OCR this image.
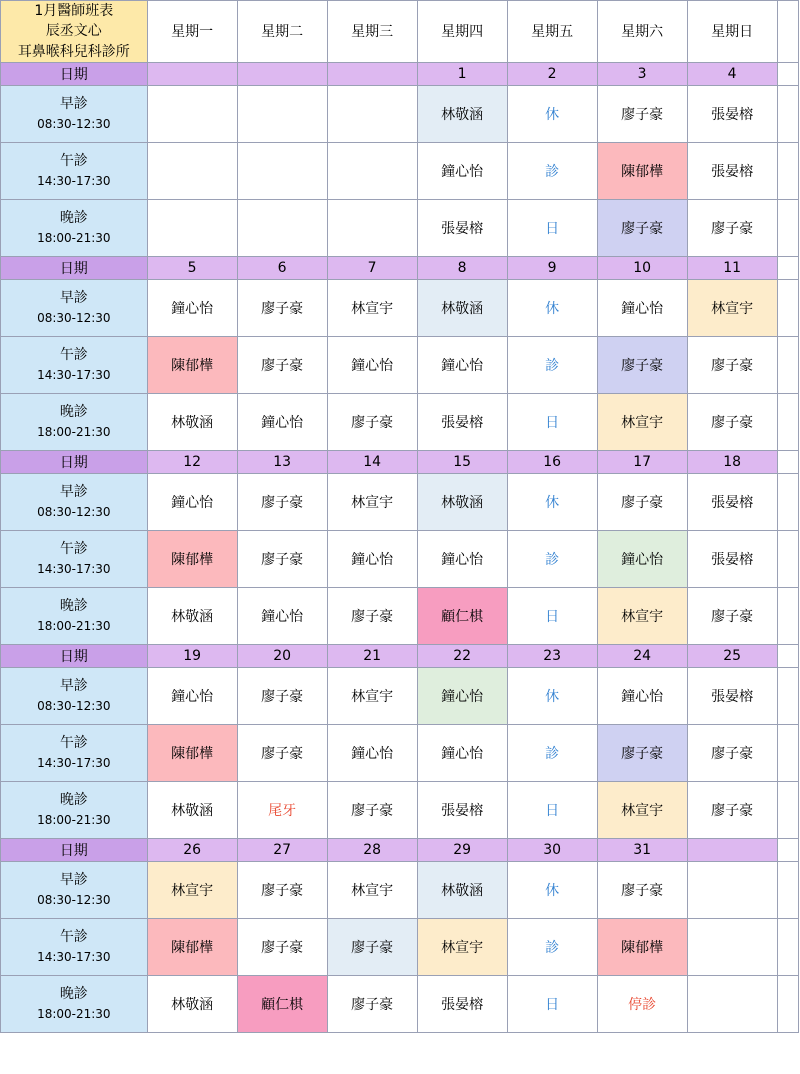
1月醫師班表
辰丞文心
耳鼻喉科兒科診所	星期一	星期二	星期三	星期四	星期五	星期六	星期日	
日期				1	2	3	4	

早診
08:30-12:30				林敬涵	休	廖子豪	張晏榕	

午診
14:30-17:30				鐘心怡	診	陳郁樺	張晏榕	

晚診
18:00-21:30				張晏榕	日	廖子豪	廖子豪	
日期	5	6	7	8	9	10	11	

早診
08:30-12:30	鐘心怡	廖子豪	林宣宇	林敬涵	休	鐘心怡	林宣宇	

午診
14:30-17:30	陳郁樺	廖子豪	鐘心怡	鐘心怡	診	廖子豪	廖子豪	

晚診
18:00-21:30	林敬涵	鐘心怡	廖子豪	張晏榕	日	林宣宇	廖子豪	
日期	12	13	14	15	16	17	18	

早診
08:30-12:30	鐘心怡	廖子豪	林宣宇	林敬涵	休	廖子豪	張晏榕	

午診
14:30-17:30	陳郁樺	廖子豪	鐘心怡	鐘心怡	診	鐘心怡	張晏榕	

晚診
18:00-21:30	林敬涵	鐘心怡	廖子豪	顧仁棋	日	林宣宇	廖子豪	
日期	19	20	21	22	23	24	25	

早診
08:30-12:30	鐘心怡	廖子豪	林宣宇	鐘心怡	休	鐘心怡	張晏榕	

午診
14:30-17:30	陳郁樺	廖子豪	鐘心怡	鐘心怡	診	廖子豪	廖子豪	

晚診
18:00-21:30	林敬涵	尾牙	廖子豪	張晏榕	日	林宣宇	廖子豪	
日期	26	27	28	29	30	31		

早診
08:30-12:30	林宣宇	廖子豪	林宣宇	林敬涵	休	廖子豪		

午診
14:30-17:30	陳郁樺	廖子豪	廖子豪	林宣宇	診	陳郁樺		

晚診
18:00-21:30	林敬涵	顧仁棋	廖子豪	張晏榕	日	停診		
